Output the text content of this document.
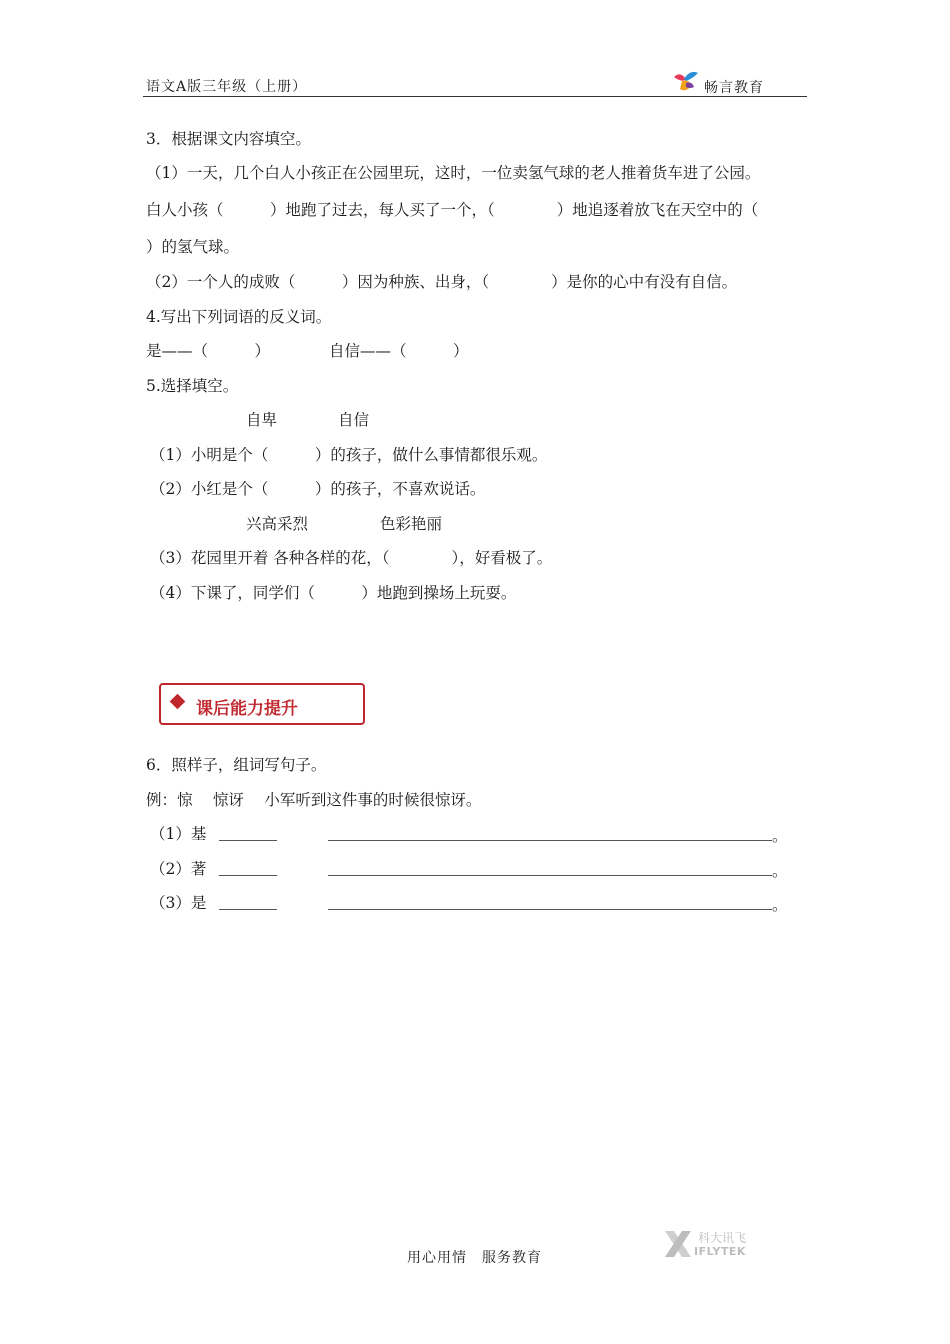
语文A版三年级（上册）	畅言教育
3．根据课文内容填空。
（1）一天，几个白人小孩正在公园里玩，这时，一位卖氢气球的老人推着货车进了公园。
白人小孩（　　　）地跑了过去，每人买了一个，（　　　　）地追逐着放飞在天空中的（
）的氢气球。
（2）一个人的成败（　　　）因为种族、出身，（　　　　）是你的心中有没有自信。
4.写出下列词语的反义词。
是——（　　　）	自信——（　　　）
5.选择填空。
自卑	自信
（1）小明是个（　　　）的孩子，做什么事情都很乐观。
（2）小红是个（　　　）的孩子，不喜欢说话。
兴高采烈	色彩艳丽
（3）花园里开着 各种各样的花，（　　　　），好看极了。
（4）下课了，同学们（　　　）地跑到操场上玩耍。
课后能力提升
6．照样子，组词写句子。
例：惊　 惊讶　 小军听到这件事的时候很惊讶。
（1）基	。
（2）著	。
（3）是	。
用心用情　服务教育
科大讯飞
IFLYTEK
